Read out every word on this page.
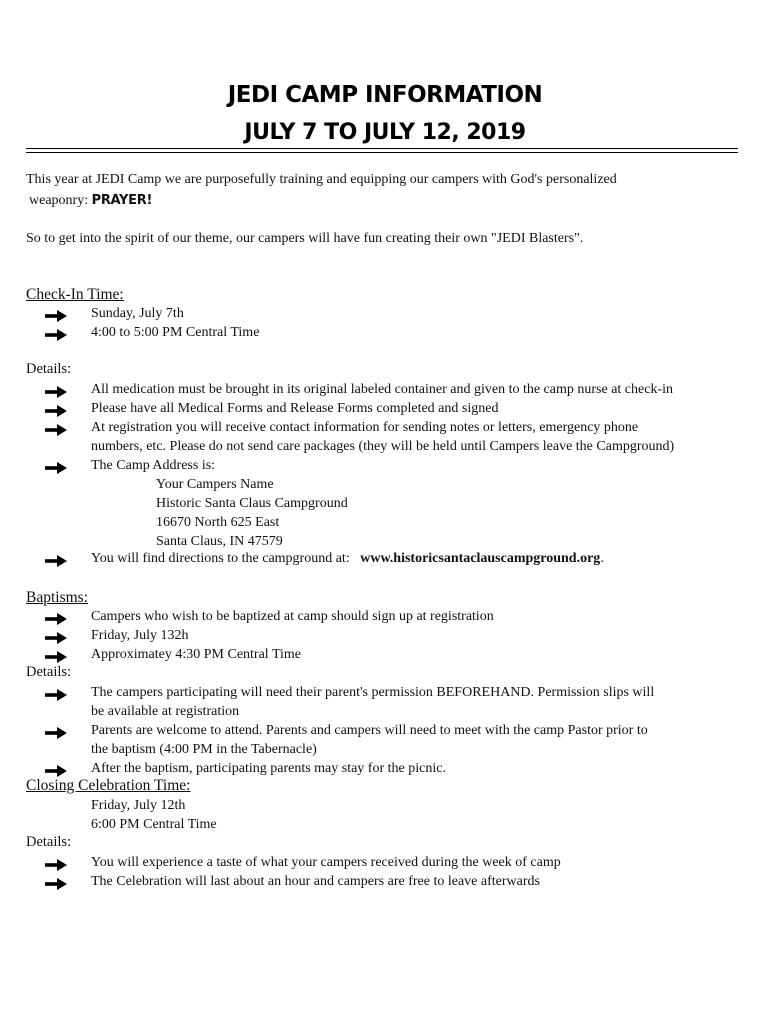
JEDI CAMP INFORMATION
JULY 7 TO JULY 12, 2019
This year at JEDI Camp we are purposefully training and equipping our campers with God's personalized
weaponry: PRAYER!
So to get into the spirit of our theme, our campers will have fun creating their own "JEDI Blasters".
Check-In Time:
Sunday, July 7th
4:00 to 5:00 PM Central Time
Details:
All medication must be brought in its original labeled container and given to the camp nurse at check-in
Please have all Medical Forms and Release Forms completed and signed
At registration you will receive contact information for sending notes or letters, emergency phone
numbers, etc. Please do not send care packages (they will be held until Campers leave the Campground)
The Camp Address is:
Your Campers Name
Historic Santa Claus Campground
16670 North 625 East
Santa Claus, IN 47579
You will find directions to the campground at:   www.historicsantaclauscampground.org.
Baptisms:
Campers who wish to be baptized at camp should sign up at registration
Friday, July 132h
Approximatey 4:30 PM Central Time
Details:
The campers participating will need their parent's permission BEFOREHAND. Permission slips will
be available at registration
Parents are welcome to attend. Parents and campers will need to meet with the camp Pastor prior to
the baptism (4:00 PM in the Tabernacle)
After the baptism, participating parents may stay for the picnic.
Closing Celebration Time:
Friday, July 12th
6:00 PM Central Time
Details:
You will experience a taste of what your campers received during the week of camp
The Celebration will last about an hour and campers are free to leave afterwards
